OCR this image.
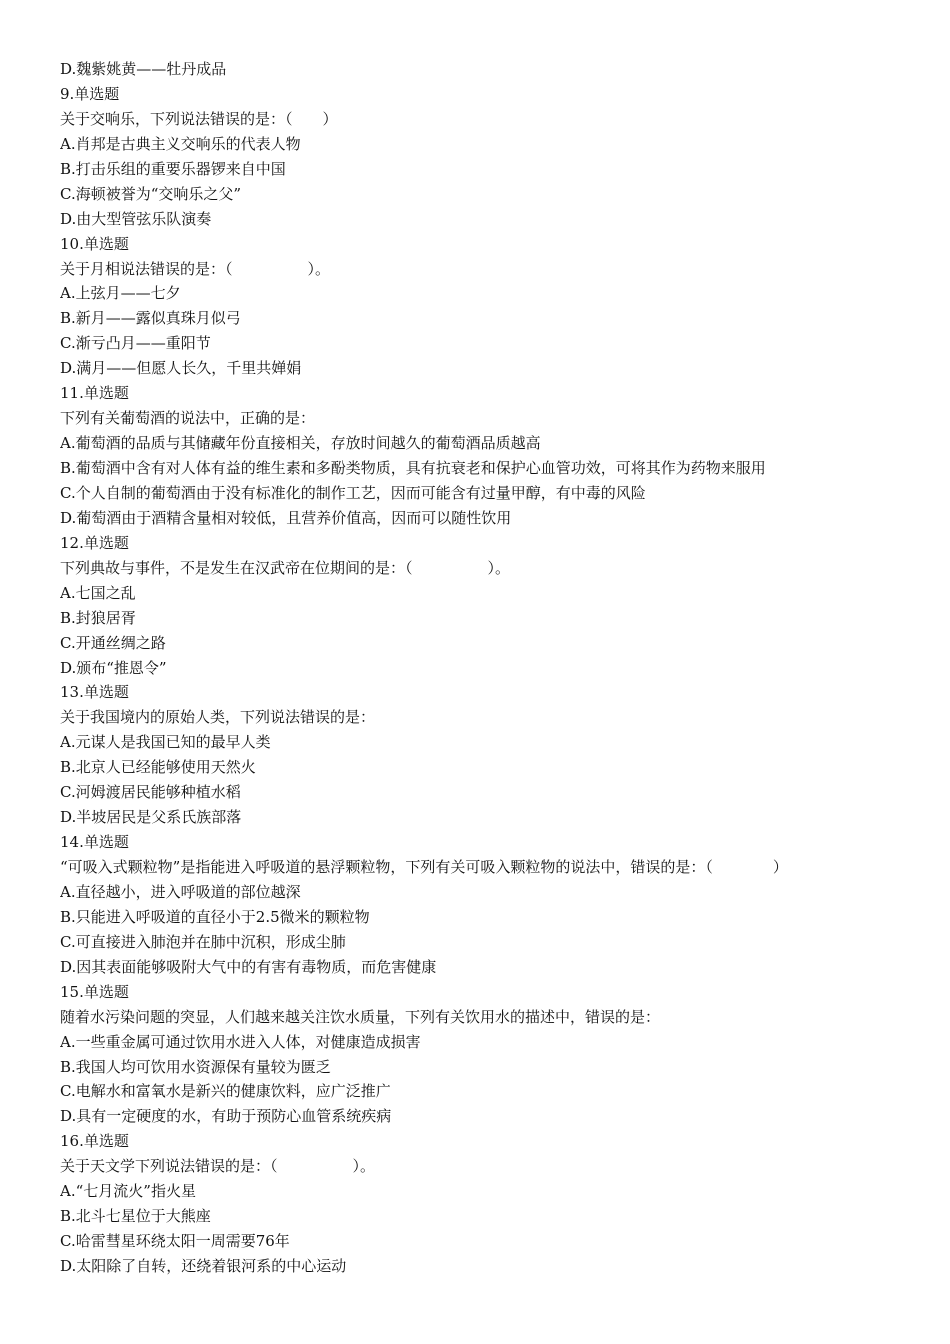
D.魏紫姚黄——牡丹成品
9.单选题
关于交响乐，下列说法错误的是：（　　）
A.肖邦是古典主义交响乐的代表人物
B.打击乐组的重要乐器锣来自中国
C.海顿被誉为“交响乐之父”
D.由大型管弦乐队演奏
10.单选题
关于月相说法错误的是：（　　　　　）。
A.上弦月——七夕
B.新月——露似真珠月似弓
C.渐亏凸月——重阳节
D.满月——但愿人长久，千里共婵娟
11.单选题
下列有关葡萄酒的说法中，正确的是：
A.葡萄酒的品质与其储藏年份直接相关，存放时间越久的葡萄酒品质越高
B.葡萄酒中含有对人体有益的维生素和多酚类物质，具有抗衰老和保护心血管功效，可将其作为药物来服用
C.个人自制的葡萄酒由于没有标准化的制作工艺，因而可能含有过量甲醇，有中毒的风险
D.葡萄酒由于酒精含量相对较低，且营养价值高，因而可以随性饮用
12.单选题
下列典故与事件，不是发生在汉武帝在位期间的是：（　　　　　）。
A.七国之乱
B.封狼居胥
C.开通丝绸之路
D.颁布“推恩令”
13.单选题
关于我国境内的原始人类，下列说法错误的是：
A.元谋人是我国已知的最早人类
B.北京人已经能够使用天然火
C.河姆渡居民能够种植水稻
D.半坡居民是父系氏族部落
14.单选题
“可吸入式颗粒物”是指能进入呼吸道的悬浮颗粒物，下列有关可吸入颗粒物的说法中，错误的是：（　　　　）
A.直径越小，进入呼吸道的部位越深
B.只能进入呼吸道的直径小于2.5微米的颗粒物
C.可直接进入肺泡并在肺中沉积，形成尘肺
D.因其表面能够吸附大气中的有害有毒物质，而危害健康
15.单选题
随着水污染问题的突显，人们越来越关注饮水质量，下列有关饮用水的描述中，错误的是：
A.一些重金属可通过饮用水进入人体，对健康造成损害
B.我国人均可饮用水资源保有量较为匮乏
C.电解水和富氧水是新兴的健康饮料，应广泛推广
D.具有一定硬度的水，有助于预防心血管系统疾病
16.单选题
关于天文学下列说法错误的是：（　　　　　）。
A.“七月流火”指火星
B.北斗七星位于大熊座
C.哈雷彗星环绕太阳一周需要76年
D.太阳除了自转，还绕着银河系的中心运动
